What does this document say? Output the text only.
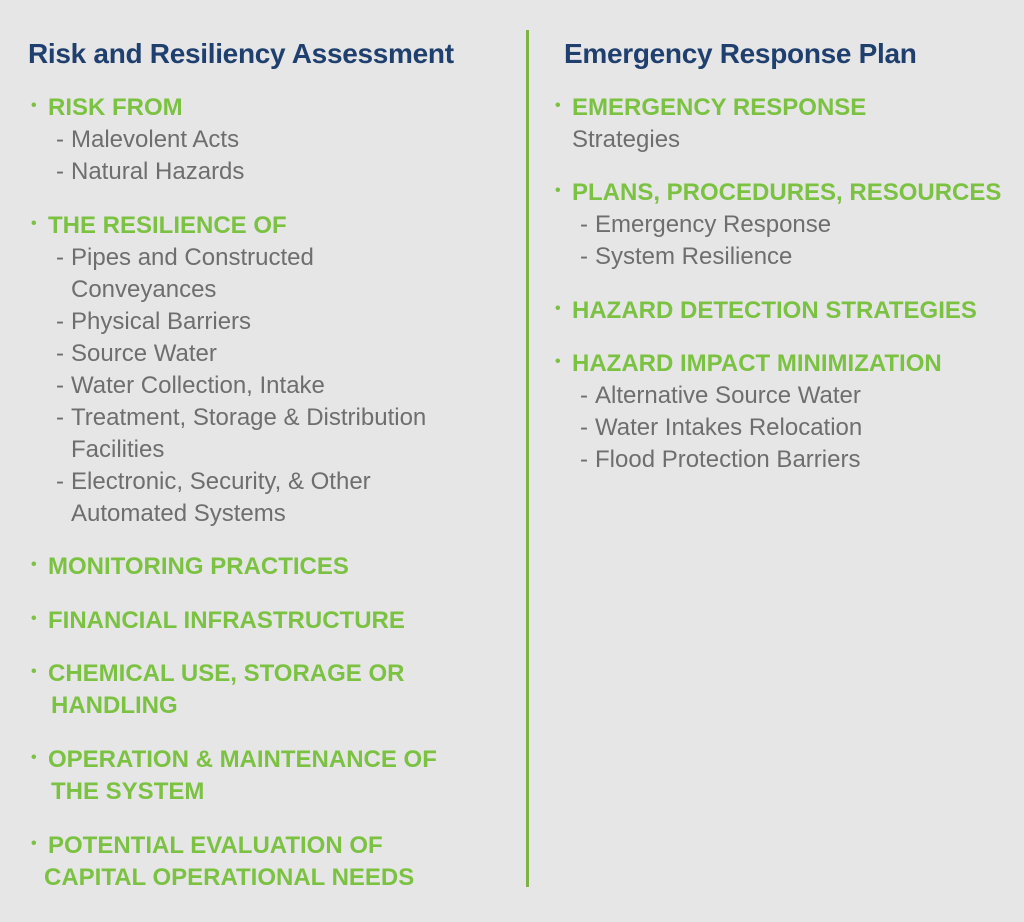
Risk and Resiliency Assessment
• RISK FROM
- Malevolent Acts
- Natural Hazards
• THE RESILIENCE OF
- Pipes and Constructed
Conveyances
- Physical Barriers
- Source Water
- Water Collection, Intake
- Treatment, Storage & Distribution
Facilities
- Electronic, Security, & Other
Automated Systems
• MONITORING PRACTICES
• FINANCIAL INFRASTRUCTURE
• CHEMICAL USE, STORAGE OR
HANDLING
• OPERATION & MAINTENANCE OF
THE SYSTEM
• POTENTIAL EVALUATION OF
CAPITAL OPERATIONAL NEEDS
Emergency Response Plan
• EMERGENCY RESPONSE
Strategies
• PLANS, PROCEDURES, RESOURCES
- Emergency Response
- System Resilience
• HAZARD DETECTION STRATEGIES
• HAZARD IMPACT MINIMIZATION
- Alternative Source Water
- Water Intakes Relocation
- Flood Protection Barriers
